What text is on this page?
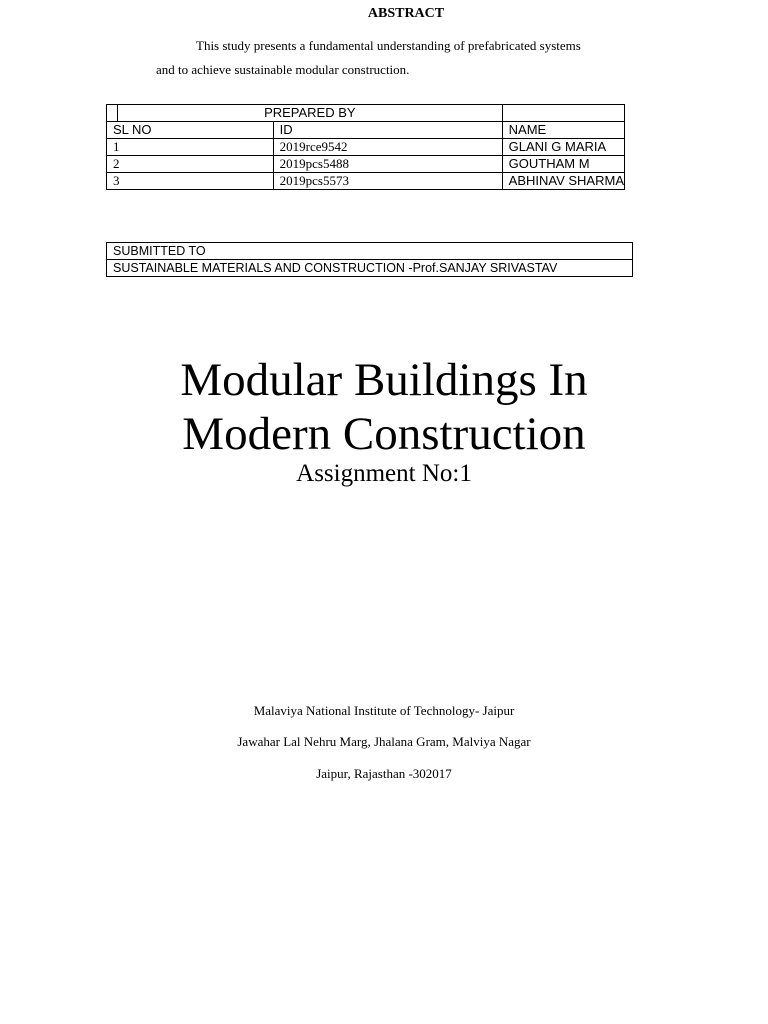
ABSTRACT
This study presents a fundamental understanding of prefabricated systems
and to achieve sustainable modular construction.
	PREPARED BY		
SL NO		ID	NAME
1		2019rce9542	GLANI G MARIA
2		2019pcs5488	GOUTHAM M
3		2019pcs5573	ABHINAV SHARMA
SUBMITTED TO
SUSTAINABLE MATERIALS AND CONSTRUCTION -Prof.SANJAY SRIVASTAV
Modular Buildings In
Modern Construction
Assignment No:1
Malaviya National Institute of Technology- Jaipur
Jawahar Lal Nehru Marg, Jhalana Gram, Malviya Nagar
Jaipur, Rajasthan -302017
